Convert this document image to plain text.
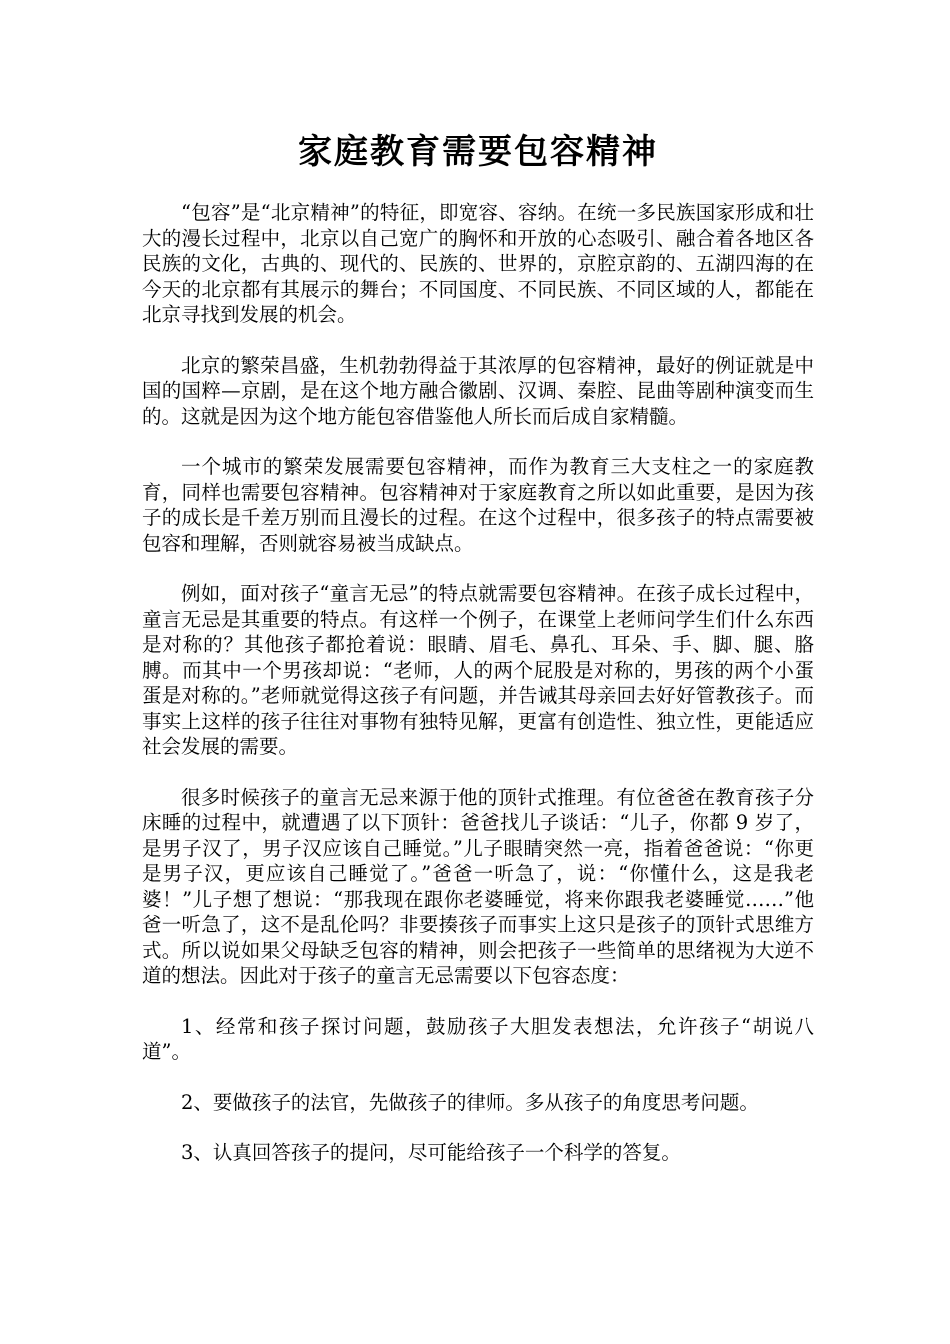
家庭教育需要包容精神

“包容”是“北京精神”的特征，即宽容、容纳。在统一多民族国家形成和壮大的漫长过程中，北京以自己宽广的胸怀和开放的心态吸引、融合着各地区各民族的文化，古典的、现代的、民族的、世界的，京腔京韵的、五湖四海的在今天的北京都有其展示的舞台；不同国度、不同民族、不同区域的人，都能在北京寻找到发展的机会。

北京的繁荣昌盛，生机勃勃得益于其浓厚的包容精神，最好的例证就是中国的国粹—京剧，是在这个地方融合徽剧、汉调、秦腔、昆曲等剧种演变而生的。这就是因为这个地方能包容借鉴他人所长而后成自家精髓。

一个城市的繁荣发展需要包容精神，而作为教育三大支柱之一的家庭教育，同样也需要包容精神。包容精神对于家庭教育之所以如此重要，是因为孩子的成长是千差万别而且漫长的过程。在这个过程中，很多孩子的特点需要被包容和理解，否则就容易被当成缺点。

例如，面对孩子“童言无忌”的特点就需要包容精神。在孩子成长过程中，童言无忌是其重要的特点。有这样一个例子，在课堂上老师问学生们什么东西是对称的？其他孩子都抢着说：眼睛、眉毛、鼻孔、耳朵、手、脚、腿、胳膊。而其中一个男孩却说：“老师，人的两个屁股是对称的，男孩的两个小蛋蛋是对称的。”老师就觉得这孩子有问题，并告诫其母亲回去好好管教孩子。而事实上这样的孩子往往对事物有独特见解，更富有创造性、独立性，更能适应社会发展的需要。

很多时候孩子的童言无忌来源于他的顶针式推理。有位爸爸在教育孩子分床睡的过程中，就遭遇了以下顶针：爸爸找儿子谈话：“儿子，你都 9 岁了，是男子汉了，男子汉应该自己睡觉。”儿子眼睛突然一亮，指着爸爸说：“你更是男子汉，更应该自己睡觉了。”爸爸一听急了，说：“你懂什么，这是我老婆！”儿子想了想说：“那我现在跟你老婆睡觉，将来你跟我老婆睡觉……”他爸一听急了，这不是乱伦吗？非要揍孩子而事实上这只是孩子的顶针式思维方式。所以说如果父母缺乏包容的精神，则会把孩子一些简单的思绪视为大逆不道的想法。因此对于孩子的童言无忌需要以下包容态度：

1、经常和孩子探讨问题，鼓励孩子大胆发表想法，允许孩子“胡说八道”。

2、要做孩子的法官，先做孩子的律师。多从孩子的角度思考问题。

3、认真回答孩子的提问，尽可能给孩子一个科学的答复。
